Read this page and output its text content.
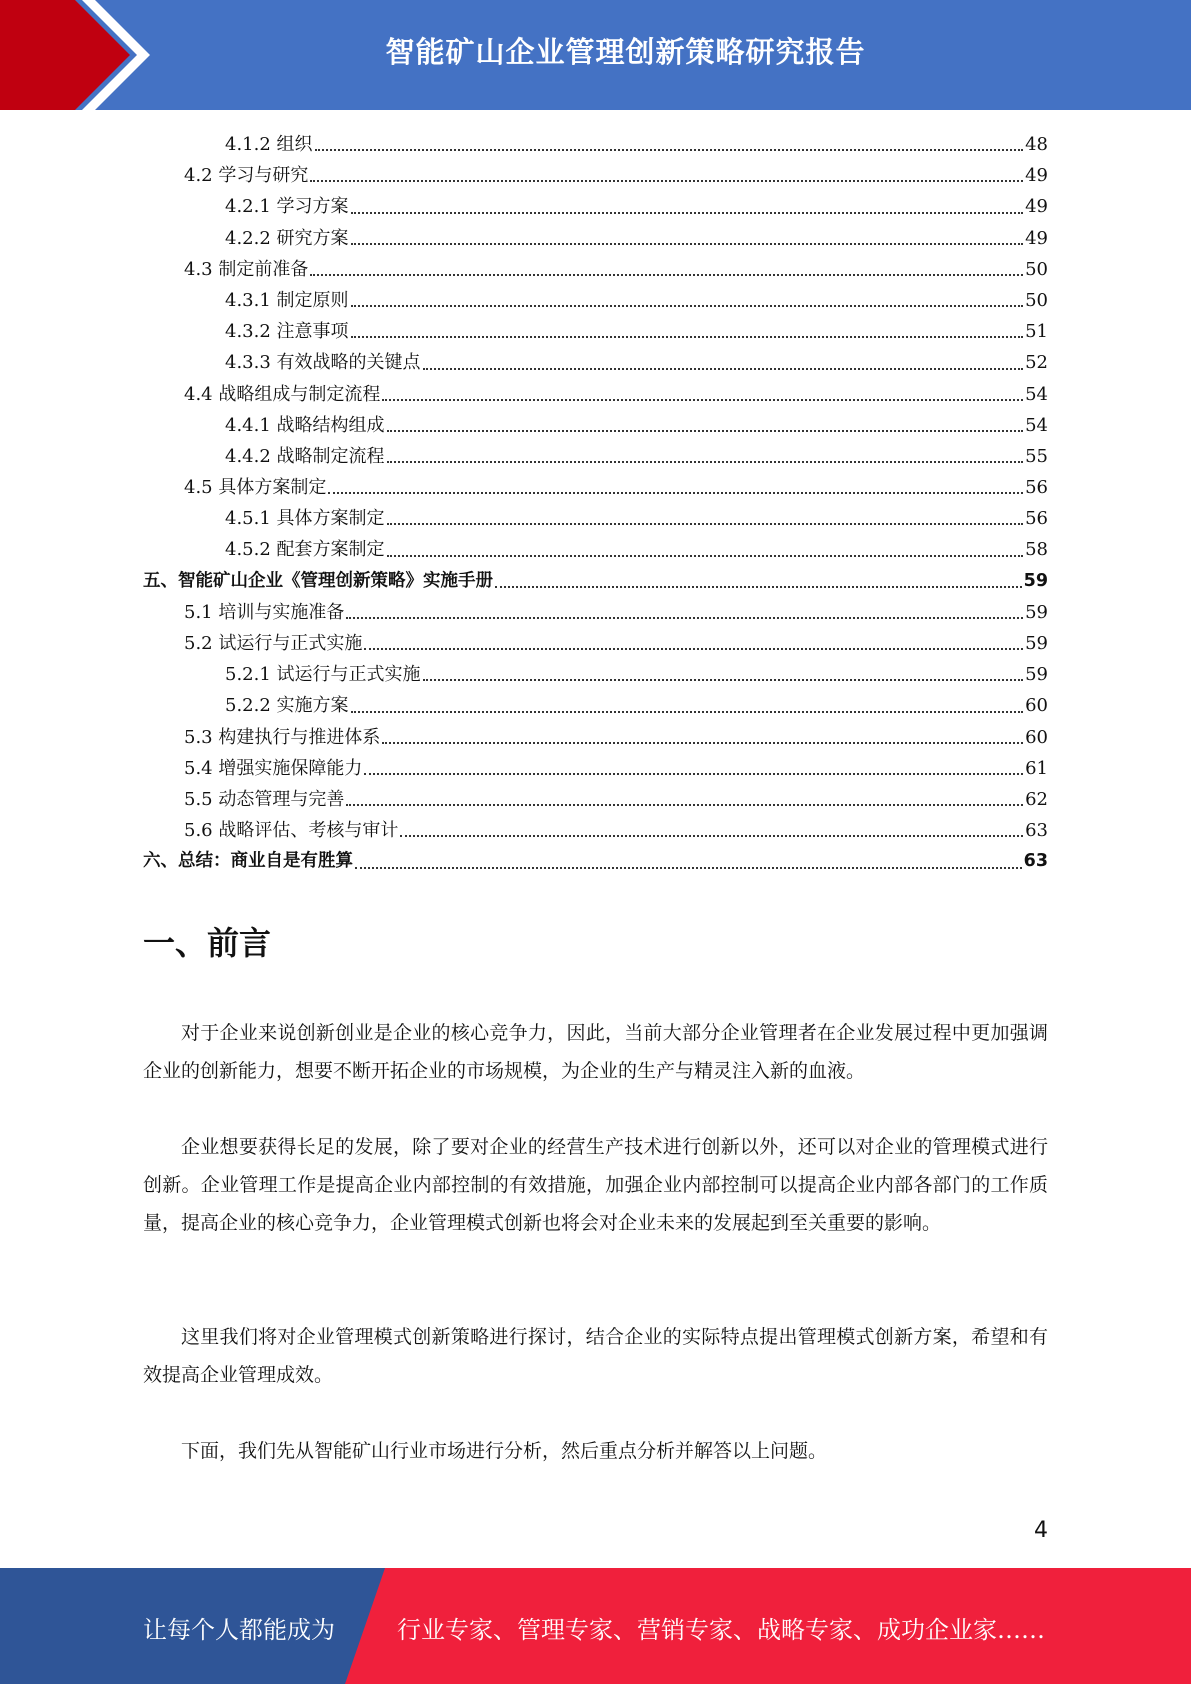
智能矿山企业管理创新策略研究报告
4.1.2 组织	48
4.2 学习与研究	49
4.2.1 学习方案	49
4.2.2 研究方案	49
4.3 制定前准备	50
4.3.1 制定原则	50
4.3.2 注意事项	51
4.3.3 有效战略的关键点	52
4.4 战略组成与制定流程	54
4.4.1 战略结构组成	54
4.4.2 战略制定流程	55
4.5 具体方案制定	56
4.5.1 具体方案制定	56
4.5.2 配套方案制定	58
五、智能矿山企业《管理创新策略》实施手册	59
5.1 培训与实施准备	59
5.2 试运行与正式实施	59
5.2.1 试运行与正式实施	59
5.2.2 实施方案	60
5.3 构建执行与推进体系	60
5.4 增强实施保障能力	61
5.5 动态管理与完善	62
5.6 战略评估、考核与审计	63
六、总结：商业自是有胜算	63
一、前言

对于企业来说创新创业是企业的核心竞争力，因此，当前大部分企业管理者在企业发展过程中更加强调企业的创新能力，想要不断开拓企业的市场规模，为企业的生产与精灵注入新的血液。

企业想要获得长足的发展，除了要对企业的经营生产技术进行创新以外，还可以对企业的管理模式进行创新。企业管理工作是提高企业内部控制的有效措施，加强企业内部控制可以提高企业内部各部门的工作质量，提高企业的核心竞争力，企业管理模式创新也将会对企业未来的发展起到至关重要的影响。

这里我们将对企业管理模式创新策略进行探讨，结合企业的实际特点提出管理模式创新方案，希望和有效提高企业管理成效。

下面，我们先从智能矿山行业市场进行分析，然后重点分析并解答以上问题。

4
让每个人都能成为	行业专家、管理专家、营销专家、战略专家、成功企业家……
